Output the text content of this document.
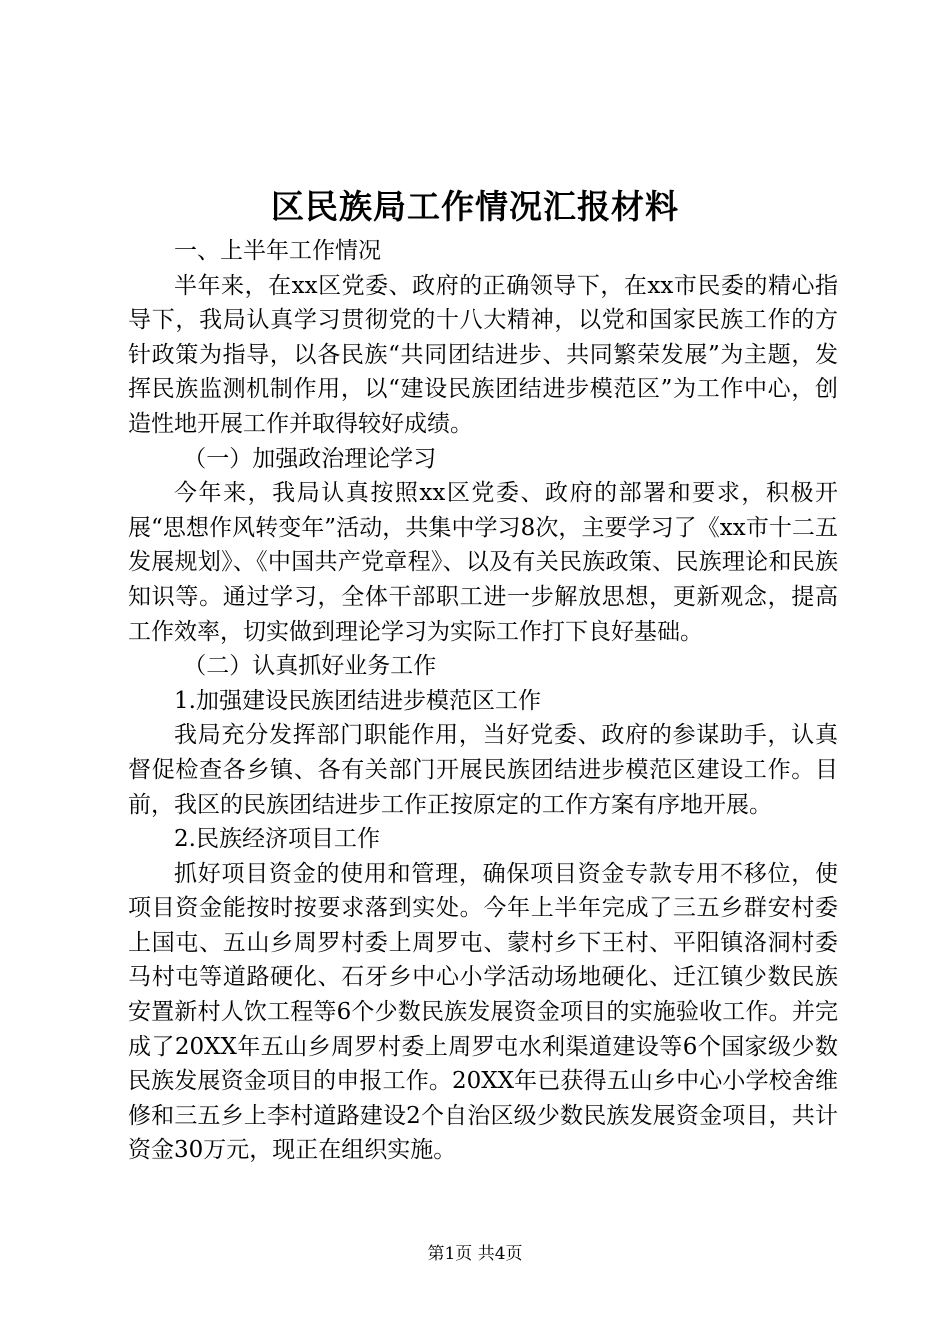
区民族局工作情况汇报材料

一、上半年工作情况

半年来，在xx区党委、政府的正确领导下，在xx市民委的精心指导下，我局认真学习贯彻党的十八大精神，以党和国家民族工作的方针政策为指导，以各民族“共同团结进步、共同繁荣发展”为主题，发挥民族监测机制作用，以“建设民族团结进步模范区”为工作中心，创造性地开展工作并取得较好成绩。

（一）加强政治理论学习

今年来，我局认真按照xx区党委、政府的部署和要求，积极开展“思想作风转变年”活动，共集中学习8次，主要学习了《xx市十二五发展规划》、《中国共产党章程》、以及有关民族政策、民族理论和民族知识等。通过学习，全体干部职工进一步解放思想，更新观念，提高工作效率，切实做到理论学习为实际工作打下良好基础。

（二）认真抓好业务工作

1.加强建设民族团结进步模范区工作

我局充分发挥部门职能作用，当好党委、政府的参谋助手，认真督促检查各乡镇、各有关部门开展民族团结进步模范区建设工作。目前，我区的民族团结进步工作正按原定的工作方案有序地开展。

2.民族经济项目工作

抓好项目资金的使用和管理，确保项目资金专款专用不移位，使项目资金能按时按要求落到实处。今年上半年完成了三五乡群安村委上国屯、五山乡周罗村委上周罗屯、蒙村乡下王村、平阳镇洛洞村委马村屯等道路硬化、石牙乡中心小学活动场地硬化、迁江镇少数民族安置新村人饮工程等6个少数民族发展资金项目的实施验收工作。并完成了20XX年五山乡周罗村委上周罗屯水利渠道建设等6个国家级少数民族发展资金项目的申报工作。20XX年已获得五山乡中心小学校舍维修和三五乡上李村道路建设2个自治区级少数民族发展资金项目，共计资金30万元，现正在组织实施。

第1页 共4页
